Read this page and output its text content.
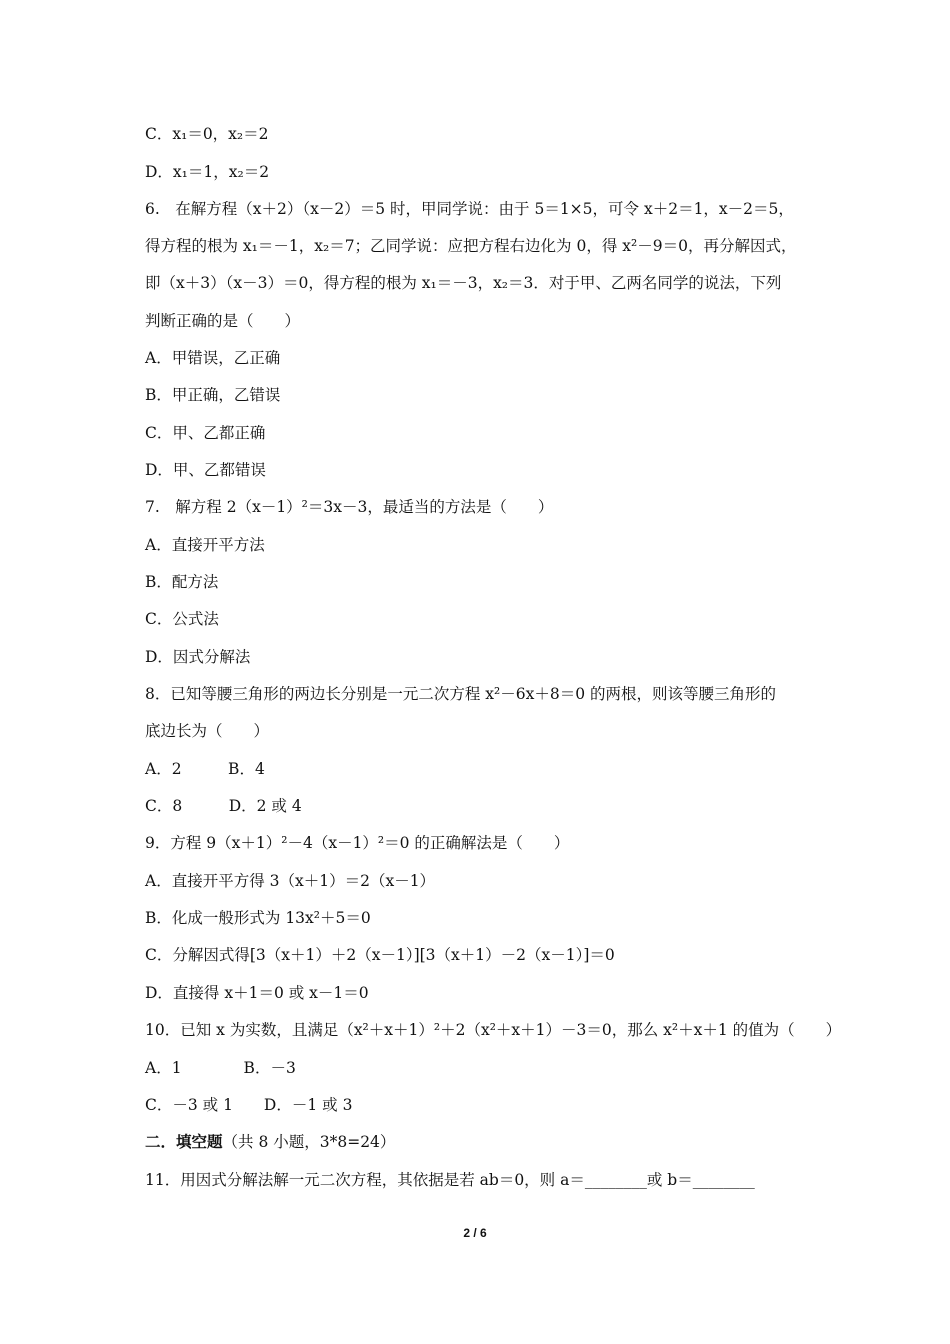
C．x₁＝0，x₂＝2
D．x₁＝1，x₂＝2
6.　在解方程（x＋2）（x－2）＝5 时，甲同学说：由于 5＝1×5，可令 x＋2＝1，x－2＝5，
得方程的根为 x₁＝－1，x₂＝7；乙同学说：应把方程右边化为 0，得 x²－9＝0，再分解因式，
即（x＋3）（x－3）＝0，得方程的根为 x₁＝－3，x₂＝3．对于甲、乙两名同学的说法，下列
判断正确的是（　　）
A．甲错误，乙正确
B．甲正确，乙错误
C．甲、乙都正确
D．甲、乙都错误
7.　解方程 2（x－1）²＝3x－3，最适当的方法是（　　）
A．直接开平方法
B．配方法
C．公式法
D．因式分解法
8．已知等腰三角形的两边长分别是一元二次方程 x²－6x＋8＝0 的两根，则该等腰三角形的
底边长为（　　）
A．2　　　B．4
C．8　　　D．2 或 4
9．方程 9（x＋1）²－4（x－1）²＝0 的正确解法是（　　）
A．直接开平方得 3（x＋1）＝2（x－1）
B．化成一般形式为 13x²＋5＝0
C．分解因式得[3（x＋1）＋2（x－1）][3（x＋1）－2（x－1）]＝0
D．直接得 x＋1＝0 或 x－1＝0
10．已知 x 为实数，且满足（x²＋x＋1）²＋2（x²＋x＋1）－3＝0，那么 x²＋x＋1 的值为（　　）
A．1　　　　B．－3
C．－3 或 1　　D．－1 或 3
二．填空题（共 8 小题，3*8=24）
11．用因式分解法解一元二次方程，其依据是若 ab＝0，则 a＝________或 b＝________
2 / 6
